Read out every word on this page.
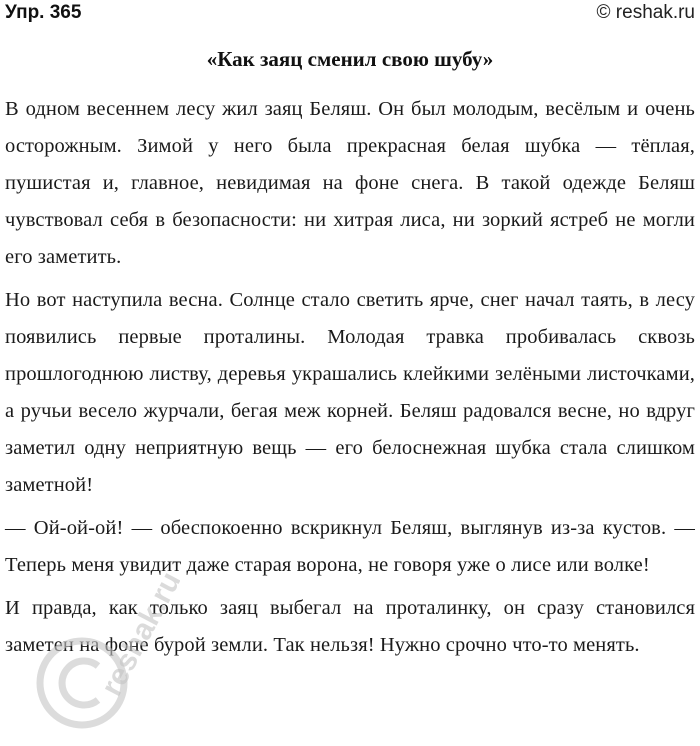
Упр. 365	© reshak.ru
«Как заяц сменил свою шубу»

В одном весеннем лесу жил заяц Беляш. Он был молодым, весёлым и очень осторожным. Зимой у него была прекрасная белая шубка — тёплая, пушистая и, главное, невидимая на фоне снега. В такой одежде Беляш чувствовал себя в безопасности: ни хитрая лиса, ни зоркий ястреб не могли его заметить.

Но вот наступила весна. Солнце стало светить ярче, снег начал таять, в лесу появились первые проталины. Молодая травка пробивалась сквозь прошлогоднюю листву, деревья украшались клейкими зелёными листочками, а ручьи весело журчали, бегая меж корней. Беляш радовался весне, но вдруг заметил одну неприятную вещь — его белоснежная шубка стала слишком заметной!

— Ой-ой-ой! — обеспокоенно вскрикнул Беляш, выглянув из-за кустов. — Теперь меня увидит даже старая ворона, не говоря уже о лисе или волке!

И правда, как только заяц выбегал на проталинку, он сразу становился заметен на фоне бурой земли. Так нельзя! Нужно срочно что-то менять.

reshak.ru
